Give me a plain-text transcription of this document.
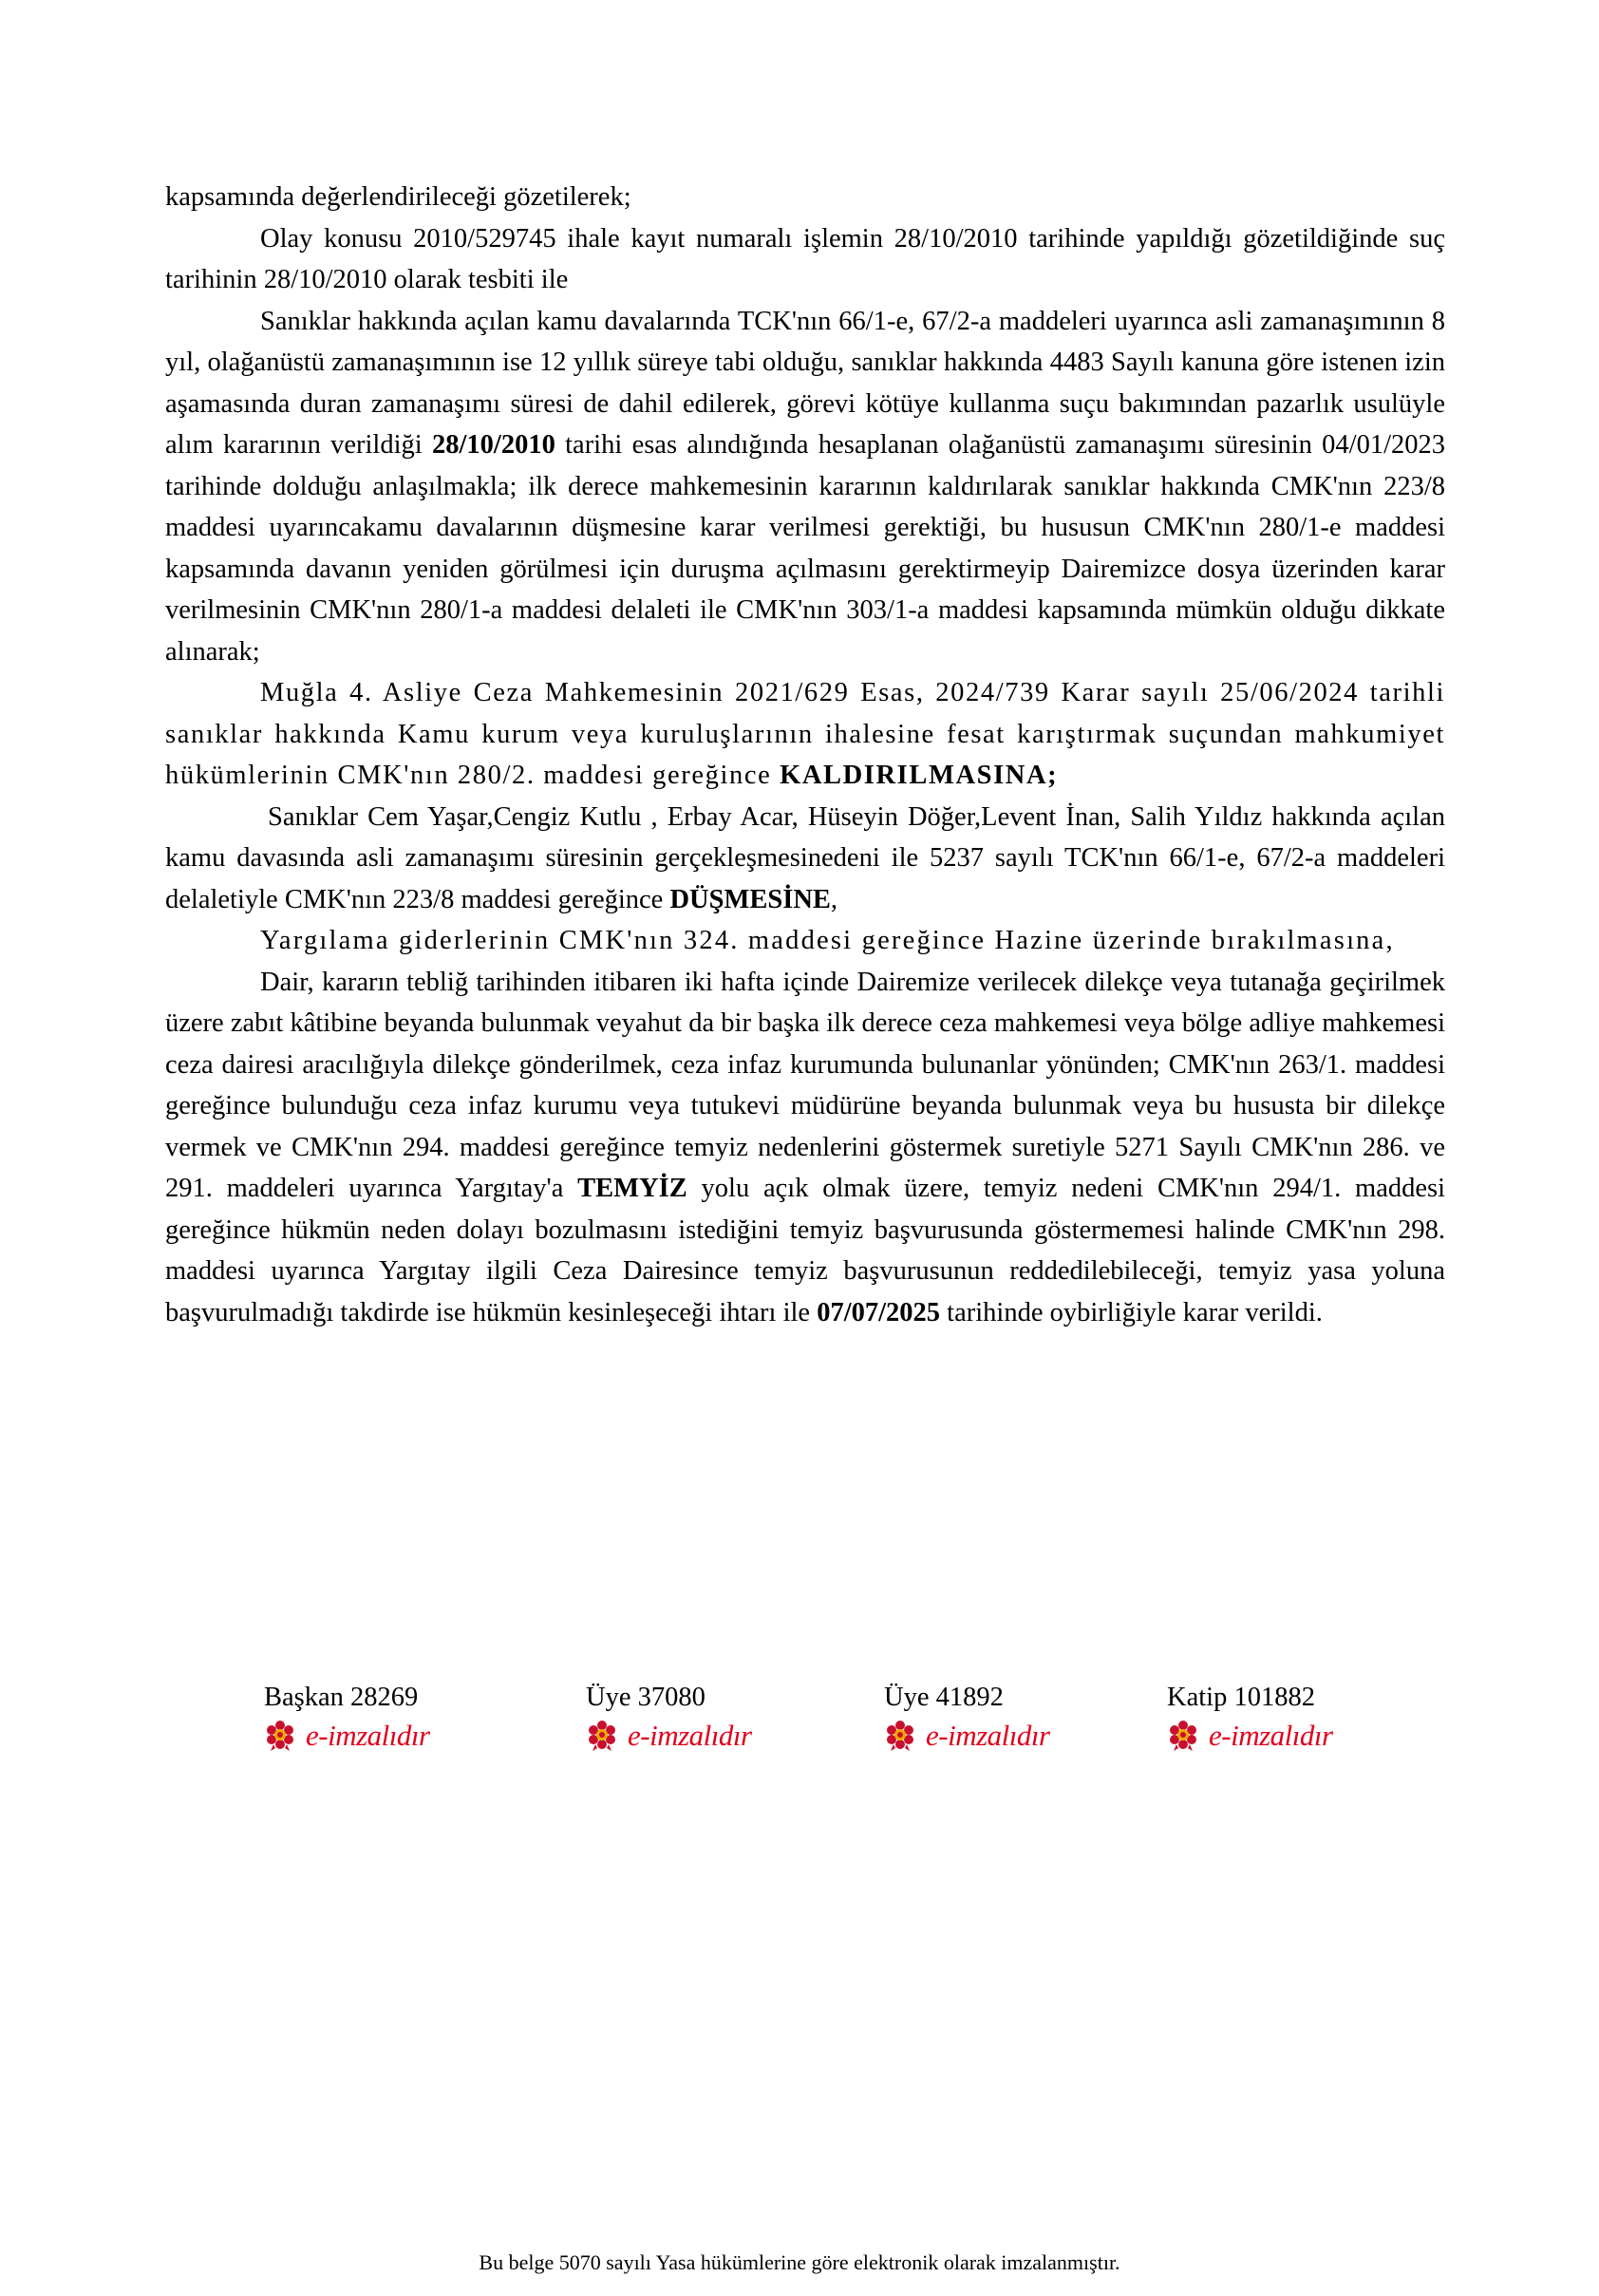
kapsamında değerlendirileceği gözetilerek;

Olay konusu 2010/529745 ihale kayıt numaralı işlemin 28/10/2010 tarihinde yapıldığı gözetildiğinde suç tarihinin 28/10/2010 olarak tesbiti ile

Sanıklar hakkında açılan kamu davalarında TCK'nın 66/1-e, 67/2-a maddeleri uyarınca asli zamanaşımının 8 yıl, olağanüstü zamanaşımının ise 12 yıllık süreye tabi olduğu, sanıklar hakkında 4483 Sayılı kanuna göre istenen izin aşamasında duran zamanaşımı süresi de dahil edilerek, görevi kötüye kullanma suçu bakımından pazarlık usulüyle alım kararının verildiği 28/10/2010 tarihi esas alındığında hesaplanan olağanüstü zamanaşımı süresinin 04/01/2023 tarihinde dolduğu anlaşılmakla; ilk derece mahkemesinin kararının kaldırılarak sanıklar hakkında CMK'nın 223/8 maddesi uyarıncakamu davalarının düşmesine karar verilmesi gerektiği, bu hususun CMK'nın 280/1-e maddesi kapsamında davanın yeniden görülmesi için duruşma açılmasını gerektirmeyip Dairemizce dosya üzerinden karar verilmesinin CMK'nın 280/1-a maddesi delaleti ile CMK'nın 303/1-a maddesi kapsamında mümkün olduğu dikkate alınarak;

Muğla 4. Asliye Ceza Mahkemesinin 2021/629 Esas, 2024/739 Karar sayılı 25/06/2024 tarihli sanıklar hakkında Kamu kurum veya kuruluşlarının ihalesine fesat karıştırmak suçundan mahkumiyet hükümlerinin CMK'nın 280/2. maddesi gereğince KALDIRILMASINA;

Sanıklar Cem Yaşar,Cengiz Kutlu , Erbay Acar, Hüseyin Döğer,Levent İnan, Salih Yıldız hakkında açılan kamu davasında asli zamanaşımı süresinin gerçekleşmesinedeni ile 5237 sayılı TCK'nın 66/1-e, 67/2-a maddeleri delaletiyle CMK'nın 223/8 maddesi gereğince DÜŞMESİNE,

Yargılama giderlerinin CMK'nın 324. maddesi gereğince Hazine üzerinde bırakılmasına,

Dair, kararın tebliğ tarihinden itibaren iki hafta içinde Dairemize verilecek dilekçe veya tutanağa geçirilmek üzere zabıt kâtibine beyanda bulunmak veyahut da bir başka ilk derece ceza mahkemesi veya bölge adliye mahkemesi ceza dairesi aracılığıyla dilekçe gönderilmek, ceza infaz kurumunda bulunanlar yönünden; CMK'nın 263/1. maddesi gereğince bulunduğu ceza infaz kurumu veya tutukevi müdürüne beyanda bulunmak veya bu hususta bir dilekçe vermek ve CMK'nın 294. maddesi gereğince temyiz nedenlerini göstermek suretiyle 5271 Sayılı CMK'nın 286. ve 291. maddeleri uyarınca Yargıtay'a TEMYİZ yolu açık olmak üzere, temyiz nedeni CMK'nın 294/1. maddesi gereğince hükmün neden dolayı bozulmasını istediğini temyiz başvurusunda göstermemesi halinde CMK'nın 298. maddesi uyarınca Yargıtay ilgili Ceza Dairesince temyiz başvurusunun reddedilebileceği, temyiz yasa yoluna başvurulmadığı takdirde ise hükmün kesinleşeceği ihtarı ile 07/07/2025 tarihinde oybirliğiyle karar verildi.

Başkan 28269
e-imzalıdır
Üye 37080
e-imzalıdır
Üye 41892
e-imzalıdır
Katip 101882
e-imzalıdır
Bu belge 5070 sayılı Yasa hükümlerine göre elektronik olarak imzalanmıştır.
